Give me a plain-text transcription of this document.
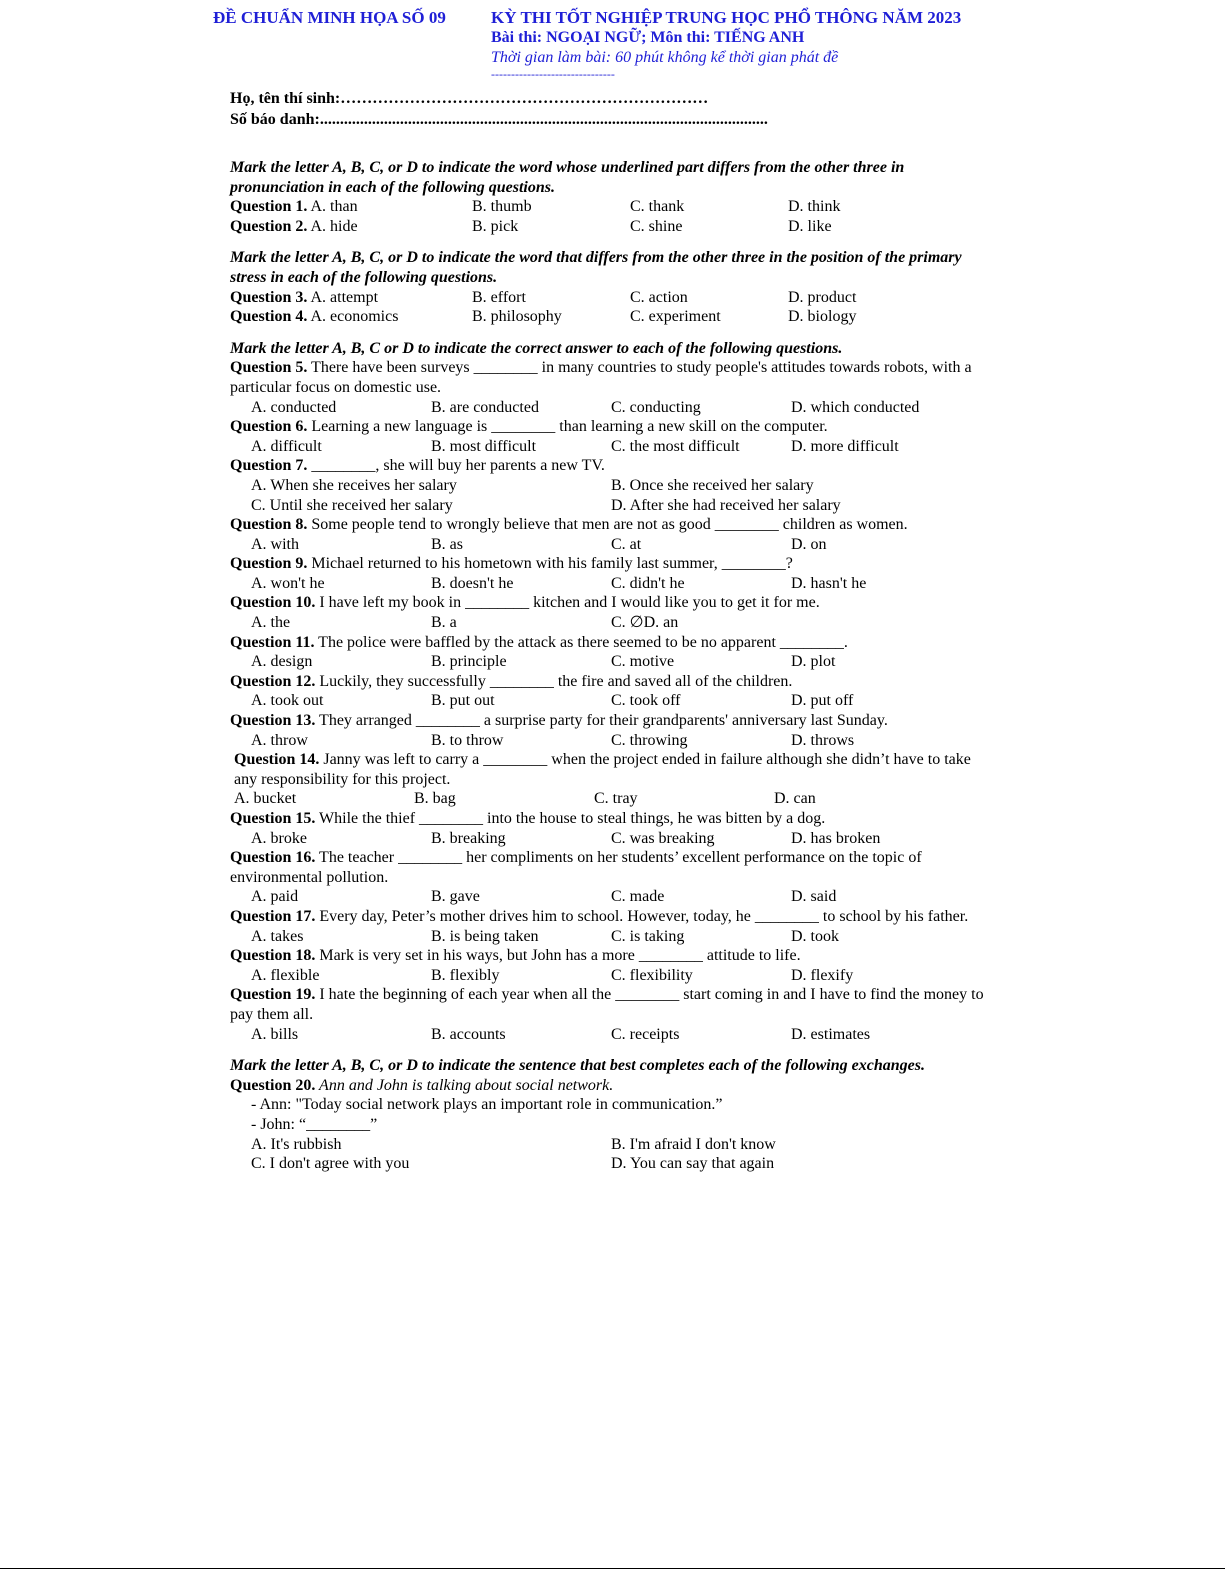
ĐỀ CHUẨN MINH HỌA SỐ 09	KỲ THI TỐT NGHIỆP TRUNG HỌC PHỔ THÔNG NĂM 2023
Bài thi: NGOẠI NGỮ; Môn thi: TIẾNG ANH
Thời gian làm bài: 60 phút không kể thời gian phát đề
-------------------------------
Họ, tên thí sinh:……………………………………………………………
Số báo danh:................................................................................................................
Mark the letter A, B, C, or D to indicate the word whose underlined part differs from the other three in pronunciation in each of the following questions.
Question 1. A. than	B. thumb	C. thank	D. think
Question 2. A. hide	B. pick	C. shine	D. like
Mark the letter A, B, C, or D to indicate the word that differs from the other three in the position of the primary stress in each of the following questions.
Question 3. A. attempt	B. effort	C. action	D. product
Question 4. A. economics	B. philosophy	C. experiment	D. biology
Mark the letter A, B, C or D to indicate the correct answer to each of the following questions.
Question 5. There have been surveys ________ in many countries to study people's attitudes towards robots, with a particular focus on domestic use.
A. conducted	B. are conducted	C. conducting	D. which conducted
Question 6. Learning a new language is ________ than learning a new skill on the computer.
A. difficult	B. most difficult	C. the most difficult	D. more difficult
Question 7. ________, she will buy her parents a new TV.
A. When she receives her salary	B. Once she received her salary
C. Until she received her salary	D. After she had received her salary
Question 8. Some people tend to wrongly believe that men are not as good ________ children as women.
A. with	B. as	C. at	D. on
Question 9. Michael returned to his hometown with his family last summer, ________?
A. won't he	B. doesn't he	C. didn't he	D. hasn't he
Question 10. I have left my book in ________ kitchen and I would like you to get it for me.
A. the	B. a	C. ∅D. an
Question 11. The police were baffled by the attack as there seemed to be no apparent ________.
A. design	B. principle	C. motive	D. plot
Question 12. Luckily, they successfully ________ the fire and saved all of the children.
A. took out	B. put out	C. took off	D. put off
Question 13. They arranged ________ a surprise party for their grandparents' anniversary last Sunday.
A. throw	B. to throw	C. throwing	D. throws
Question 14. Janny was left to carry a ________ when the project ended in failure although she didn’t have to take any responsibility for this project.
A. bucket	B. bag	C. tray	D. can
Question 15. While the thief ________ into the house to steal things, he was bitten by a dog.
A. broke	B. breaking	C. was breaking	D. has broken
Question 16. The teacher ________ her compliments on her students’ excellent performance on the topic of environmental pollution.
A. paid	B. gave	C. made	D. said
Question 17. Every day, Peter’s mother drives him to school. However, today, he ________ to school by his father.
A. takes	B. is being taken	C. is taking	D. took
Question 18. Mark is very set in his ways, but John has a more ________ attitude to life.
A. flexible	B. flexibly	C. flexibility	D. flexify
Question 19. I hate the beginning of each year when all the ________ start coming in and I have to find the money to pay them all.
A. bills	B. accounts	C. receipts	D. estimates
Mark the letter A, B, C, or D to indicate the sentence that best completes each of the following exchanges.
Question 20. Ann and John is talking about social network.
- Ann: "Today social network plays an important role in communication.”
- John: “________”
A. It's rubbish	B. I'm afraid I don't know
C. I don't agree with you	D. You can say that again
